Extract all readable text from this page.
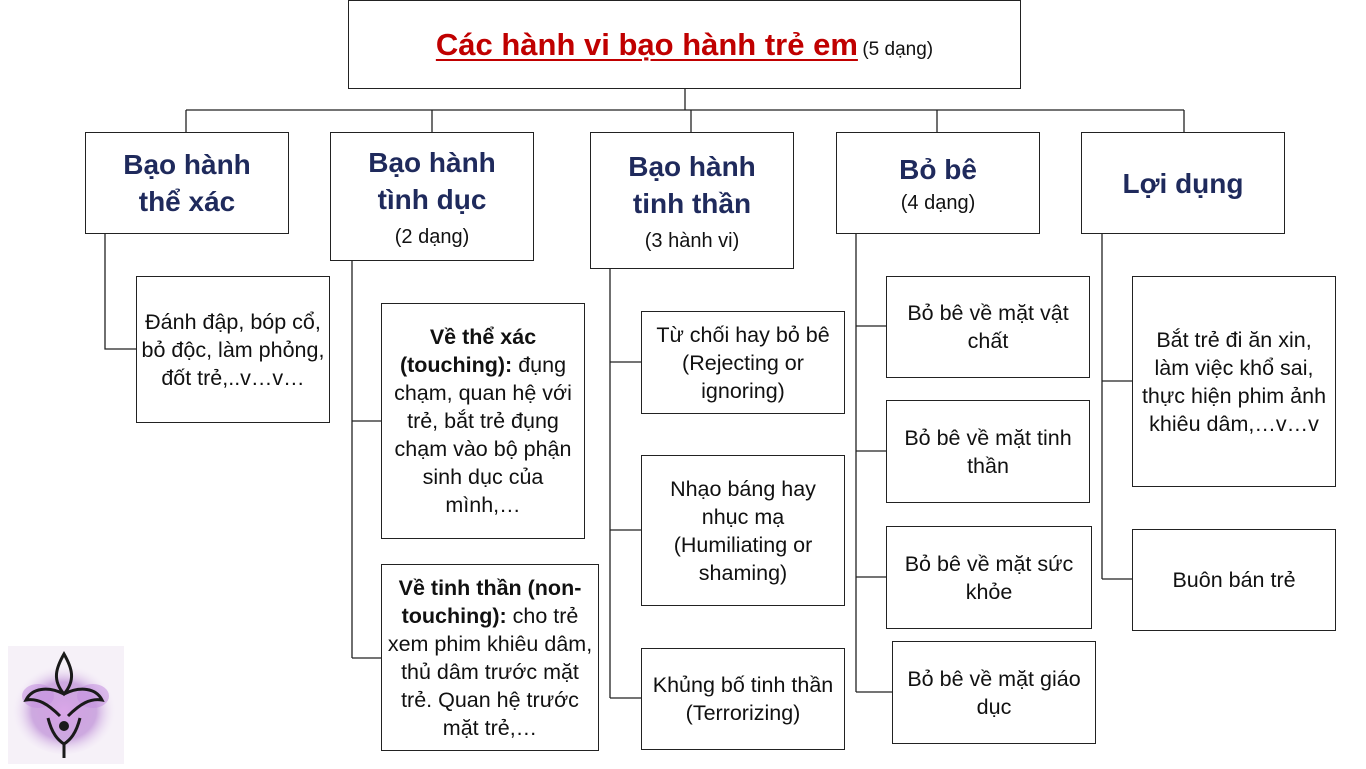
Các hành vi bạo hành trẻ em (5 dạng)
Bạo hành
thể xác
Bạo hành
tình dục
(2 dạng)
Bạo hành
tinh thần
(3 hành vi)
Bỏ bê
(4 dạng)
Lợi dụng
Đánh đập, bóp cổ, bỏ độc, làm phỏng, đốt trẻ,..v…v…
Về thể xác (touching): đụng chạm, quan hệ với trẻ, bắt trẻ đụng chạm vào bộ phận sinh dục của mình,…
Về tinh thần (non-touching): cho trẻ xem phim khiêu dâm, thủ dâm trước mặt trẻ. Quan hệ trước mặt trẻ,…
Từ chối hay bỏ bê
(Rejecting or ignoring)
Nhạo báng hay nhục mạ
(Humiliating or shaming)
Khủng bố tinh thần
(Terrorizing)
Bỏ bê về mặt vật chất
Bỏ bê về mặt tinh thần
Bỏ bê về mặt sức khỏe
Bỏ bê về mặt giáo dục
Bắt trẻ đi ăn xin, làm việc khổ sai, thực hiện phim ảnh khiêu dâm,…v…v
Buôn bán trẻ
